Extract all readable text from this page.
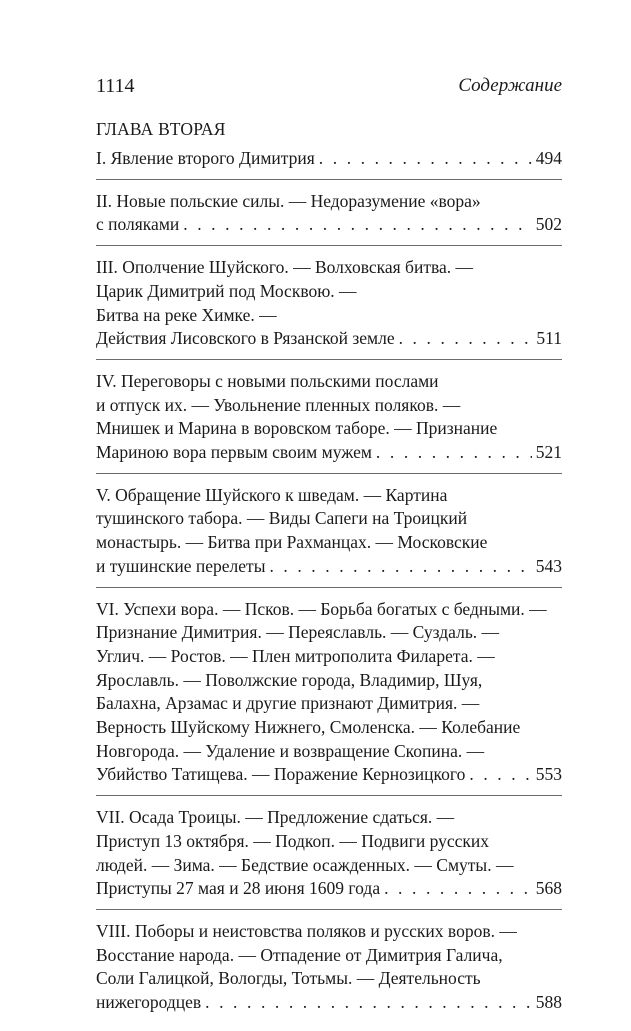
1114	Содержание
ГЛАВА ВТОРАЯ
I. Явление второго Димитрия . . .	494
II. Новые польские силы. — Недоразумение «вора»
с поляками . . .	502
III. Ополчение Шуйского. — Волховская битва. —
Царик Димитрий под Москвою. —
Битва на реке Химке. —
Действия Лисовского в Рязанской земле . . .	511
IV. Переговоры с новыми польскими послами
и отпуск их. — Увольнение пленных поляков. —
Мнишек и Марина в воровском таборе. — Признание
Мариною вора первым своим мужем . . .	521
V. Обращение Шуйского к шведам. — Картина
тушинского табора. — Виды Сапеги на Троицкий
монастырь. — Битва при Рахманцах. — Московские
и тушинские перелеты . . .	543
VI. Успехи вора. — Псков. — Борьба богатых с бедными. —
Признание Димитрия. — Переяславль. — Суздаль. —
Углич. — Ростов. — Плен митрополита Филарета. —
Ярославль. — Поволжские города, Владимир, Шуя,
Балахна, Арзамас и другие признают Димитрия. —
Верность Шуйскому Нижнего, Смоленска. — Колебание
Новгорода. — Удаление и возвращение Скопина. —
Убийство Татищева. — Поражение Кернозицкого . . .	553
VII. Осада Троицы. — Предложение сдаться. —
Приступ 13 октября. — Подкоп. — Подвиги русских
людей. — Зима. — Бедствие осажденных. — Смуты. —
Приступы 27 мая и 28 июня 1609 года . . .	568
VIII. Поборы и неистовства поляков и русских воров. —
Восстание народа. — Отпадение от Димитрия Галича,
Соли Галицкой, Вологды, Тотьмы. — Деятельность
нижегородцев . . .	588
